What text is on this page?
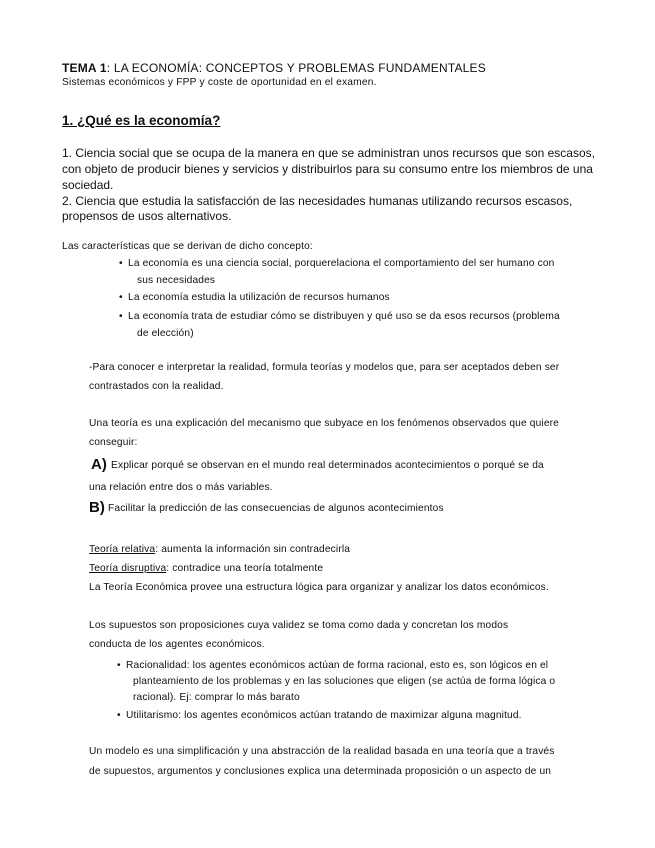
TEMA 1: LA ECONOMÍA: CONCEPTOS Y PROBLEMAS FUNDAMENTALES
Sistemas económicos y FPP y coste de oportunidad en el examen.
1. ¿Qué es la economía?
1. Ciencia social que se ocupa de la manera en que se administran unos recursos que son escasos,
con objeto de producir bienes y servicios y distribuirlos para su consumo entre los miembros de una
sociedad.
2. Ciencia que estudia la satisfacción de las necesidades humanas utilizando recursos escasos,
propensos de usos alternativos.
Las características que se derivan de dicho concepto:
• La economía es una ciencia social, porquerelaciona el comportamiento del ser humano con
sus necesidades
• La economía estudia la utilización de recursos humanos
• La economía trata de estudiar cómo se distribuyen y qué uso se da esos recursos (problema
de elección)
-Para conocer e interpretar la realidad, formula teorías y modelos que, para ser aceptados deben ser
contrastados con la realidad.
Una teoría es una explicación del mecanismo que subyace en los fenómenos observados que quiere
conseguir:
A) Explicar porqué se observan en el mundo real determinados acontecimientos o porqué se da
una relación entre dos o más variables.
B) Facilitar la predicción de las consecuencias de algunos acontecimientos
Teoría relativa: aumenta la información sin contradecirla
Teoría disruptiva: contradice una teoría totalmente
La Teoría Económica provee una estructura lógica para organizar y analizar los datos económicos.
Los supuestos son proposiciones cuya validez se toma como dada y concretan los modos
conducta de los agentes económicos.
• Racionalidad: los agentes económicos actúan de forma racional, esto es, son lógicos en el
planteamiento de los problemas y en las soluciones que eligen (se actúa de forma lógica o
racional). Ej: comprar lo más barato
• Utilitarismo: los agentes económicos actúan tratando de maximizar alguna magnitud.
Un modelo es una simplificación y una abstracción de la realidad basada en una teoría que a través
de supuestos, argumentos y conclusiones explica una determinada proposición o un aspecto de un
